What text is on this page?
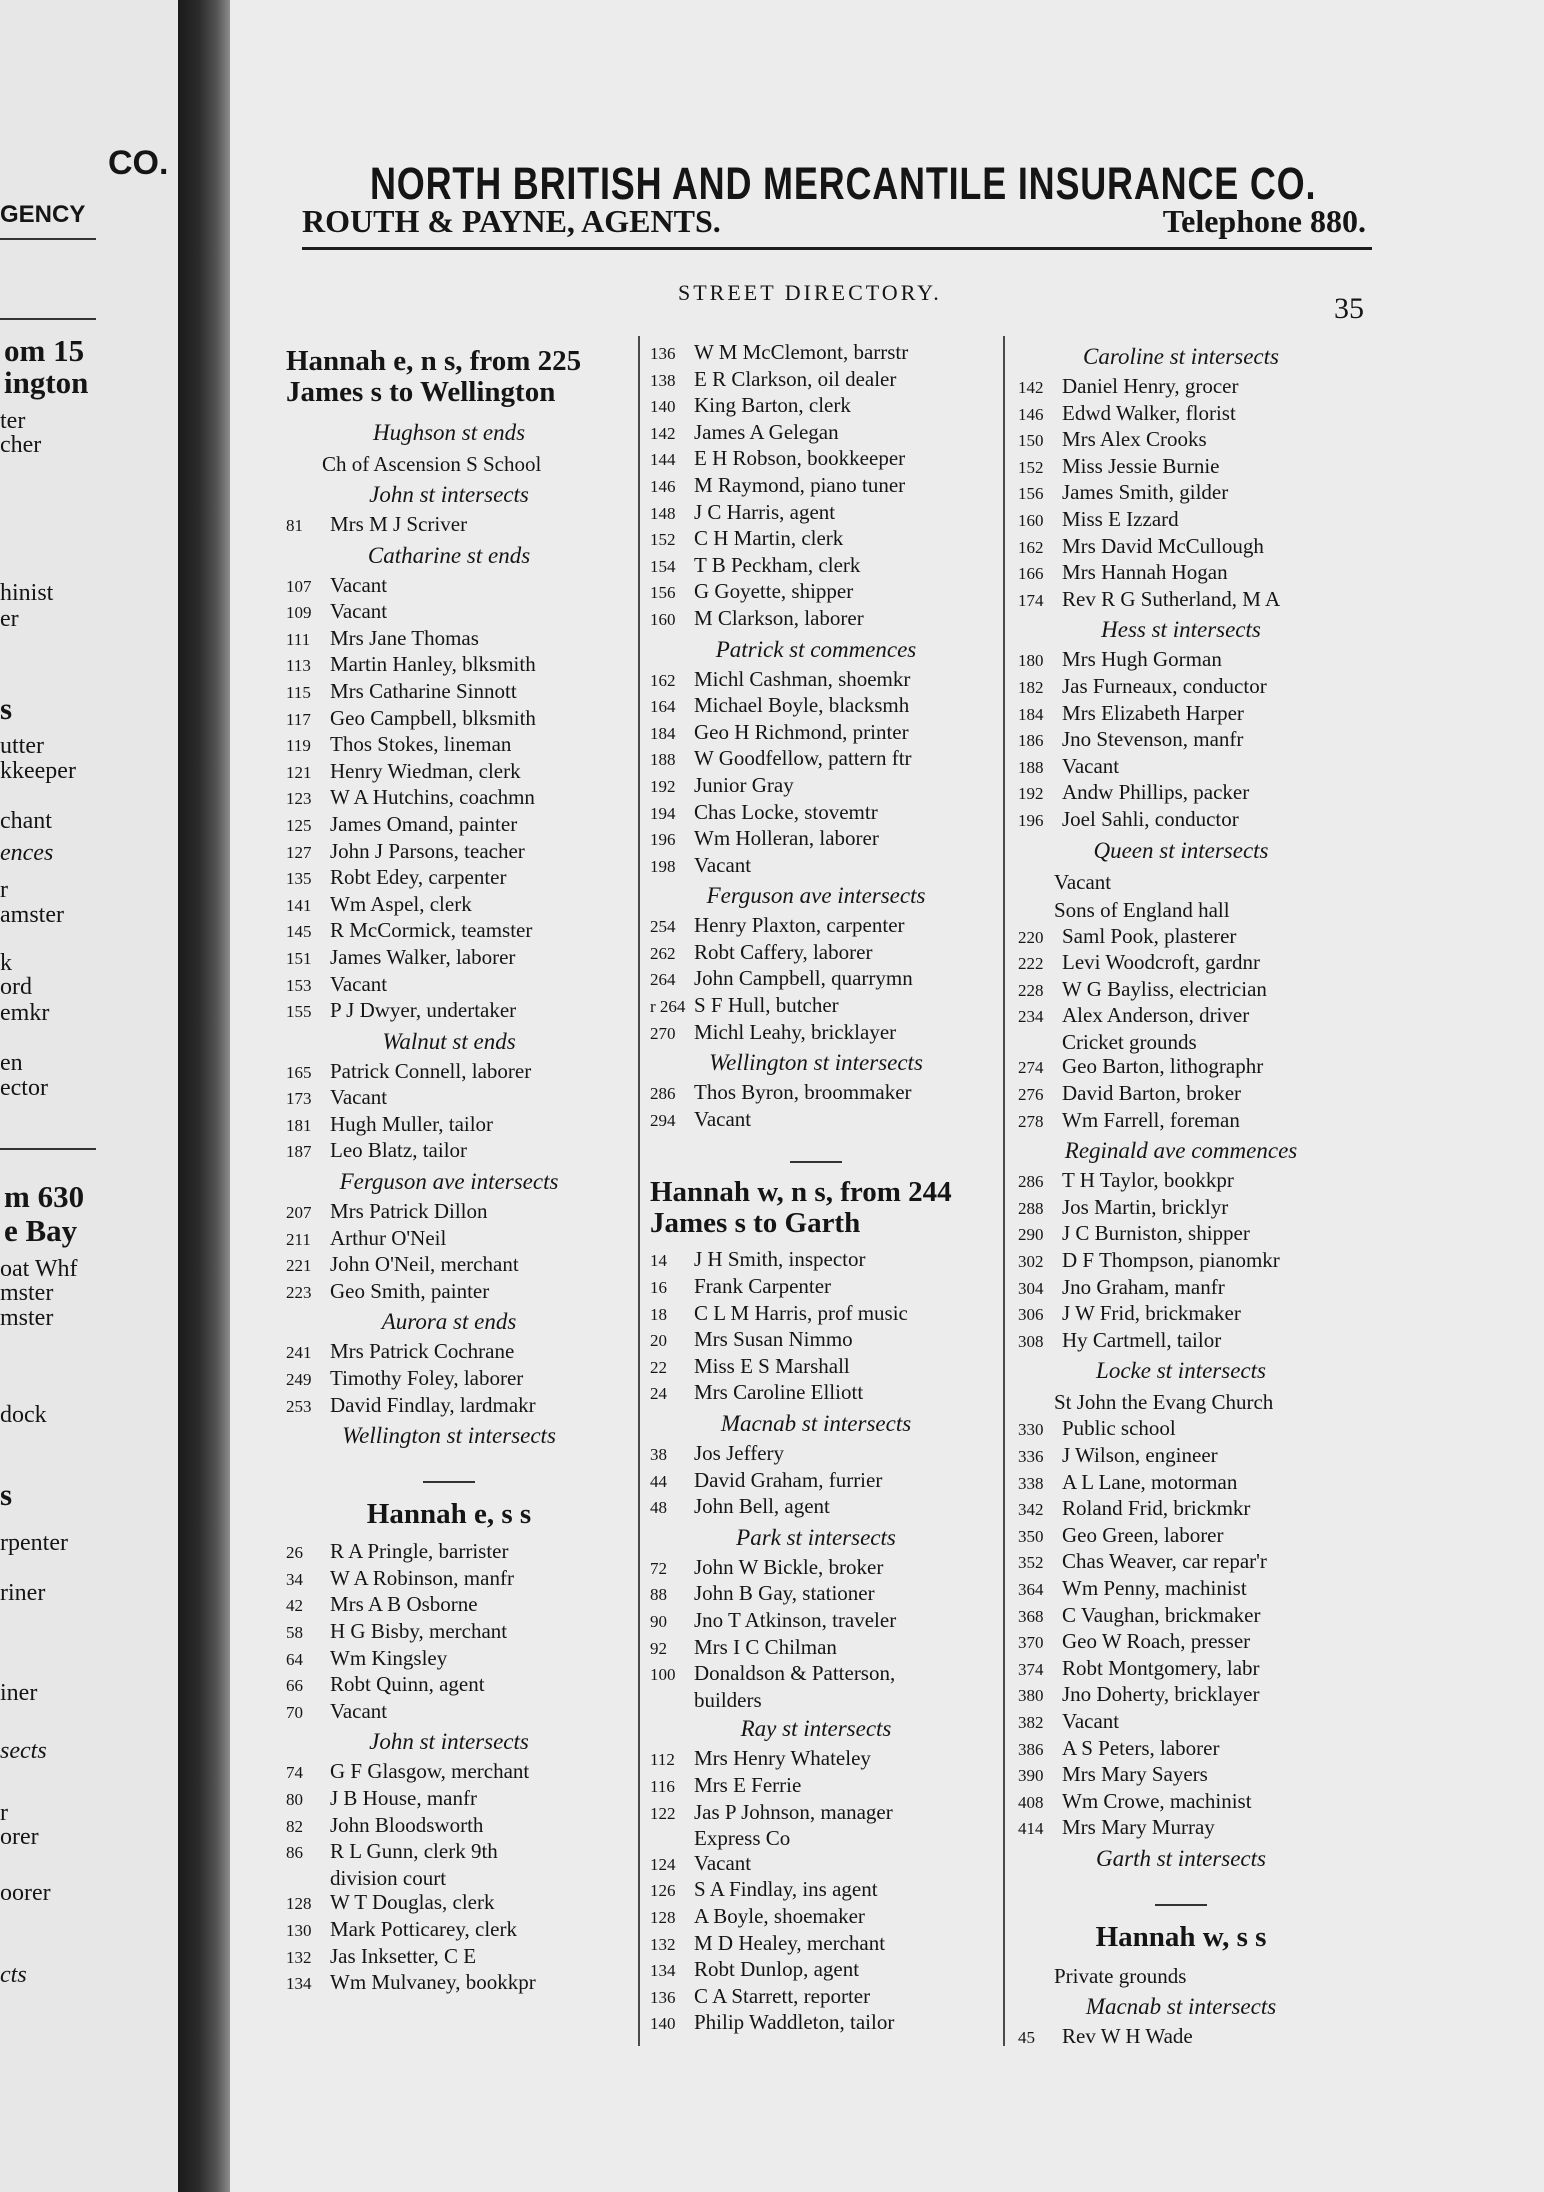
CO.
GENCY
om 15
ington
ter
cher
hinist
er
s
utter
kkeeper
chant
ences
r
amster
k
ord
emkr
en
ector
m 630
e Bay
oat Whf
mster
mster
dock
s
rpenter
riner
iner
sects
r
orer
oorer
cts
NORTH BRITISH AND MERCANTILE INSURANCE CO.
ROUTH & PAYNE, AGENTS.	Telephone 880.
STREET DIRECTORY.	35
Hannah e, n s, from 225 James s to Wellington
Hughson st ends
Ch of Ascension S School
John st intersects
81 Mrs M J Scriver
Catharine st ends
107 Vacant
109 Vacant
111 Mrs Jane Thomas
113 Martin Hanley, blksmith
115 Mrs Catharine Sinnott
117 Geo Campbell, blksmith
119 Thos Stokes, lineman
121 Henry Wiedman, clerk
123 W A Hutchins, coachmn
125 James Omand, painter
127 John J Parsons, teacher
135 Robt Edey, carpenter
141 Wm Aspel, clerk
145 R McCormick, teamster
151 James Walker, laborer
153 Vacant
155 P J Dwyer, undertaker
Walnut st ends
165 Patrick Connell, laborer
173 Vacant
181 Hugh Muller, tailor
187 Leo Blatz, tailor
Ferguson ave intersects
207 Mrs Patrick Dillon
211 Arthur O'Neil
221 John O'Neil, merchant
223 Geo Smith, painter
Aurora st ends
241 Mrs Patrick Cochrane
249 Timothy Foley, laborer
253 David Findlay, lardmakr
Wellington st intersects
Hannah e, s s
26 R A Pringle, barrister
34 W A Robinson, manfr
42 Mrs A B Osborne
58 H G Bisby, merchant
64 Wm Kingsley
66 Robt Quinn, agent
70 Vacant
John st intersects
74 G F Glasgow, merchant
80 J B House, manfr
82 John Bloodsworth
86 R L Gunn, clerk 9th
division court
128 W T Douglas, clerk
130 Mark Potticarey, clerk
132 Jas Inksetter, C E
134 Wm Mulvaney, bookkpr
136 W M McClemont, barrstr
138 E R Clarkson, oil dealer
140 King Barton, clerk
142 James A Gelegan
144 E H Robson, bookkeeper
146 M Raymond, piano tuner
148 J C Harris, agent
152 C H Martin, clerk
154 T B Peckham, clerk
156 G Goyette, shipper
160 M Clarkson, laborer
Patrick st commences
162 Michl Cashman, shoemkr
164 Michael Boyle, blacksmh
184 Geo H Richmond, printer
188 W Goodfellow, pattern ftr
192 Junior Gray
194 Chas Locke, stovemtr
196 Wm Holleran, laborer
198 Vacant
Ferguson ave intersects
254 Henry Plaxton, carpenter
262 Robt Caffery, laborer
264 John Campbell, quarrymn
r 264 S F Hull, butcher
270 Michl Leahy, bricklayer
Wellington st intersects
286 Thos Byron, broommaker
294 Vacant
Hannah w, n s, from 244 James s to Garth
14 J H Smith, inspector
16 Frank Carpenter
18 C L M Harris, prof music
20 Mrs Susan Nimmo
22 Miss E S Marshall
24 Mrs Caroline Elliott
Macnab st intersects
38 Jos Jeffery
44 David Graham, furrier
48 John Bell, agent
Park st intersects
72 John W Bickle, broker
88 John B Gay, stationer
90 Jno T Atkinson, traveler
92 Mrs I C Chilman
100 Donaldson & Patterson,
builders
Ray st intersects
112 Mrs Henry Whateley
116 Mrs E Ferrie
122 Jas P Johnson, manager
Express Co
124 Vacant
126 S A Findlay, ins agent
128 A Boyle, shoemaker
132 M D Healey, merchant
134 Robt Dunlop, agent
136 C A Starrett, reporter
140 Philip Waddleton, tailor
Caroline st intersects
142 Daniel Henry, grocer
146 Edwd Walker, florist
150 Mrs Alex Crooks
152 Miss Jessie Burnie
156 James Smith, gilder
160 Miss E Izzard
162 Mrs David McCullough
166 Mrs Hannah Hogan
174 Rev R G Sutherland, M A
Hess st intersects
180 Mrs Hugh Gorman
182 Jas Furneaux, conductor
184 Mrs Elizabeth Harper
186 Jno Stevenson, manfr
188 Vacant
192 Andw Phillips, packer
196 Joel Sahli, conductor
Queen st intersects
Vacant
Sons of England hall
220 Saml Pook, plasterer
222 Levi Woodcroft, gardnr
228 W G Bayliss, electrician
234 Alex Anderson, driver
Cricket grounds
274 Geo Barton, lithographr
276 David Barton, broker
278 Wm Farrell, foreman
Reginald ave commences
286 T H Taylor, bookkpr
288 Jos Martin, bricklyr
290 J C Burniston, shipper
302 D F Thompson, pianomkr
304 Jno Graham, manfr
306 J W Frid, brickmaker
308 Hy Cartmell, tailor
Locke st intersects
St John the Evang Church
330 Public school
336 J Wilson, engineer
338 A L Lane, motorman
342 Roland Frid, brickmkr
350 Geo Green, laborer
352 Chas Weaver, car repar'r
364 Wm Penny, machinist
368 C Vaughan, brickmaker
370 Geo W Roach, presser
374 Robt Montgomery, labr
380 Jno Doherty, bricklayer
382 Vacant
386 A S Peters, laborer
390 Mrs Mary Sayers
408 Wm Crowe, machinist
414 Mrs Mary Murray
Garth st intersects
Hannah w, s s
Private grounds
Macnab st intersects
45 Rev W H Wade
